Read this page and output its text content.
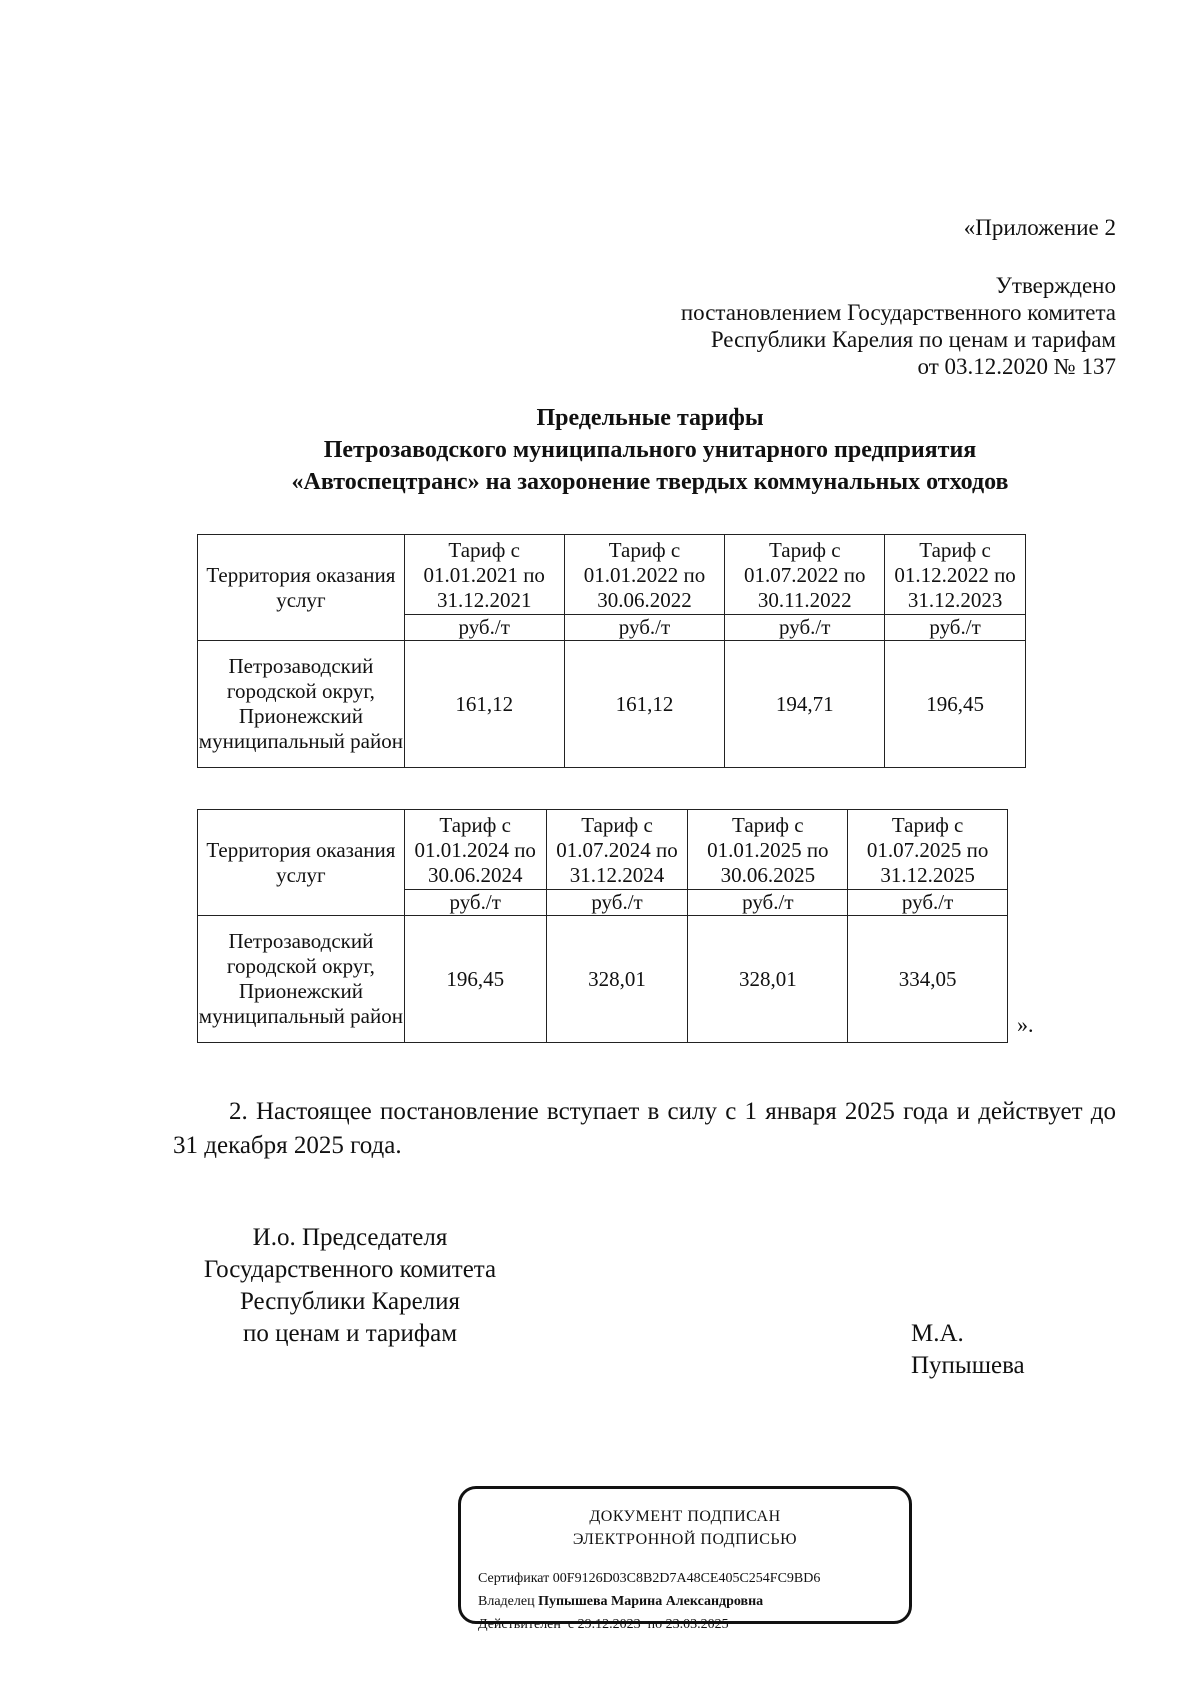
«Приложение 2
Утверждено
постановлением Государственного комитета
Республики Карелия по ценам и тарифам
от 03.12.2020 № 137
Предельные тарифы
Петрозаводского муниципального унитарного предприятия
«Автоспецтранс» на захоронение твердых коммунальных отходов
Территория оказания услуг	Тариф с 01.01.2021 по 31.12.2021	Тариф с 01.01.2022 по 30.06.2022	Тариф с 01.07.2022 по 30.11.2022	Тариф с 01.12.2022 по 31.12.2023
	руб./т	руб./т	руб./т	руб./т
Петрозаводский городской округ, Прионежский муниципальный район	161,12	161,12	194,71	196,45
Территория оказания услуг	Тариф с 01.01.2024 по 30.06.2024	Тариф с 01.07.2024 по 31.12.2024	Тариф с 01.01.2025 по 30.06.2025	Тариф с 01.07.2025 по 31.12.2025
	руб./т	руб./т	руб./т	руб./т
Петрозаводский городской округ, Прионежский муниципальный район	196,45	328,01	328,01	334,05
».
2. Настоящее постановление вступает в силу с 1 января 2025 года и действует до 31 декабря 2025 года.
И.о. Председателя
Государственного комитета
Республики Карелия
по ценам и тарифам	М.А.
Пупышева
ДОКУМЕНТ ПОДПИСАН
ЭЛЕКТРОННОЙ ПОДПИСЬЮ
Сертификат 00F9126D03C8B2D7A48CE405C254FC9BD6
Владелец Пупышева Марина Александровна
Действителен с 29.12.2023 по 23.03.2025
